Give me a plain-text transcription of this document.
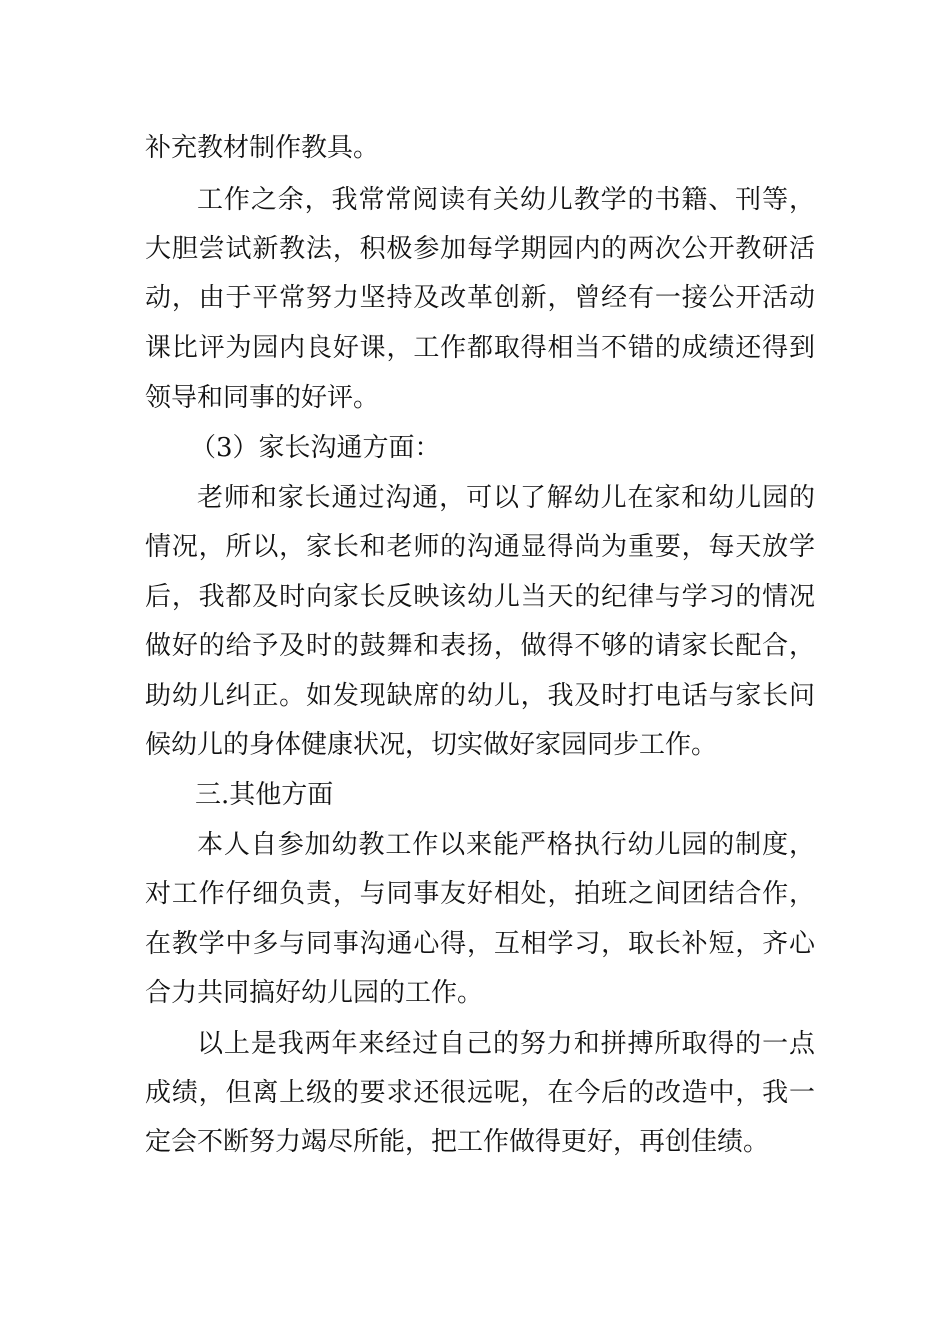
补充教材制作教具。
工作之余，我常常阅读有关幼儿教学的书籍、刊等，
大胆尝试新教法，积极参加每学期园内的两次公开教研活
动，由于平常努力坚持及改革创新，曾经有一接公开活动
课比评为园内良好课，工作都取得相当不错的成绩还得到
领导和同事的好评。
（3）家长沟通方面：
老师和家长通过沟通，可以了解幼儿在家和幼儿园的
情况，所以，家长和老师的沟通显得尚为重要，每天放学
后，我都及时向家长反映该幼儿当天的纪律与学习的情况
做好的给予及时的鼓舞和表扬，做得不够的请家长配合，
助幼儿纠正。如发现缺席的幼儿，我及时打电话与家长问
候幼儿的身体健康状况，切实做好家园同步工作。
三.其他方面
本人自参加幼教工作以来能严格执行幼儿园的制度，
对工作仔细负责，与同事友好相处，拍班之间团结合作，
在教学中多与同事沟通心得，互相学习，取长补短，齐心
合力共同搞好幼儿园的工作。
以上是我两年来经过自己的努力和拼搏所取得的一点
成绩，但离上级的要求还很远呢，在今后的改造中，我一
定会不断努力竭尽所能，把工作做得更好，再创佳绩。
